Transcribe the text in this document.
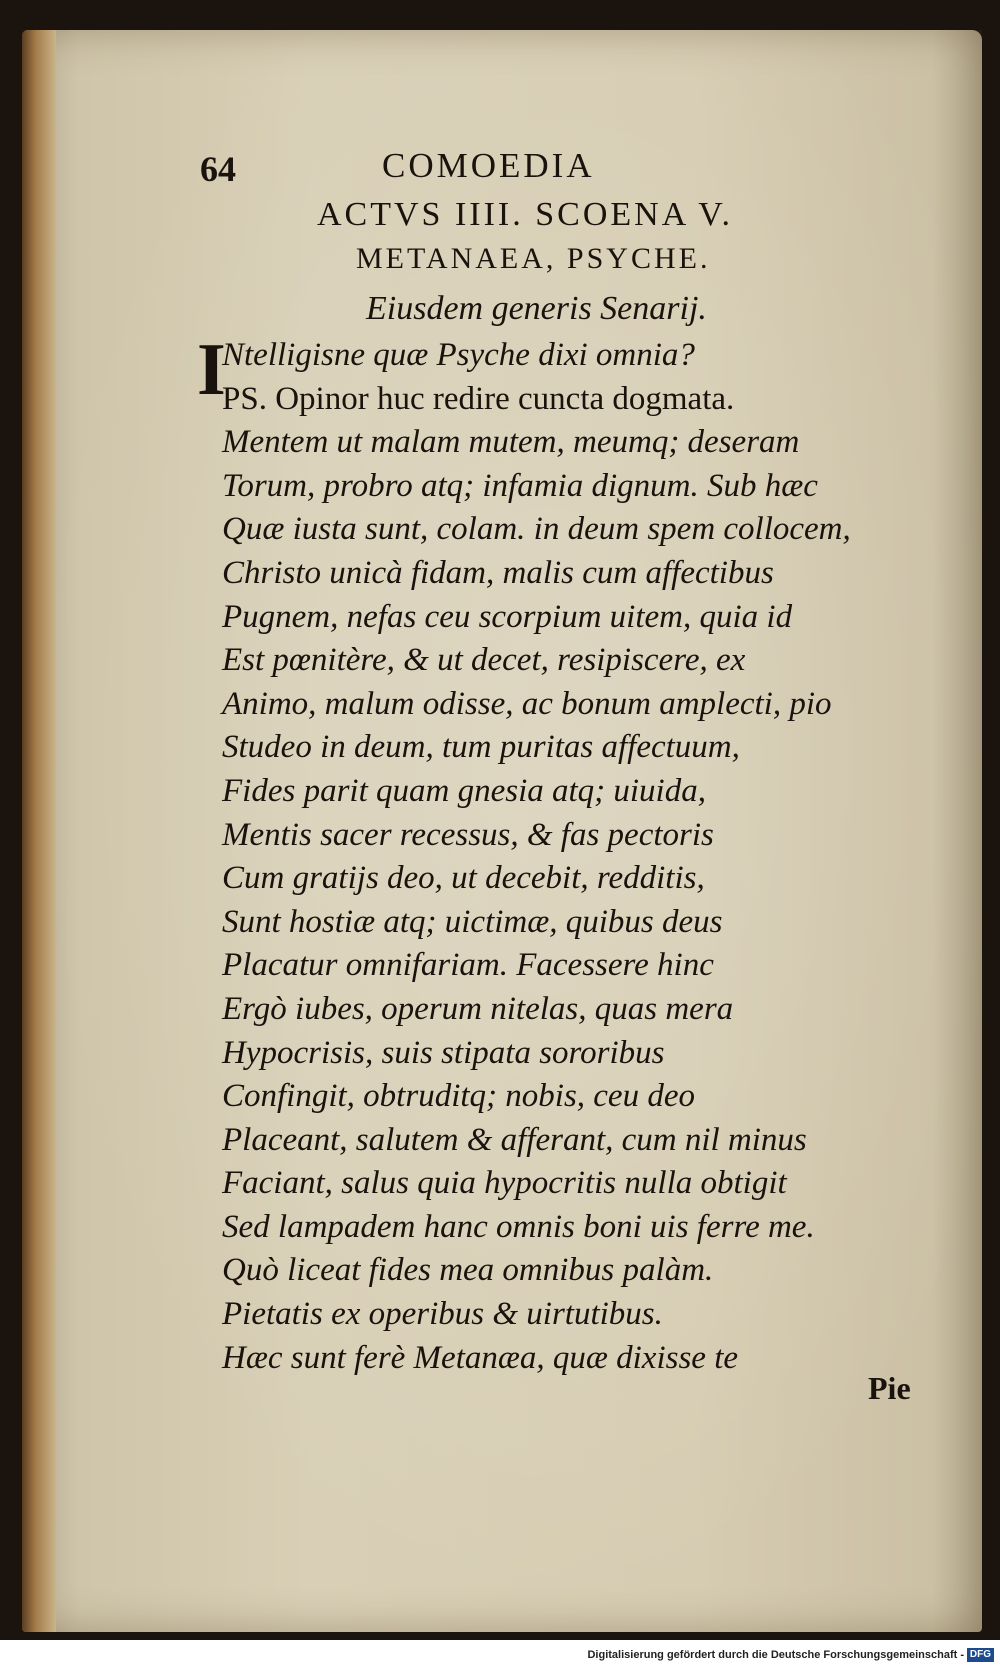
64	COMOEDIA
ACTVS IIII. SCOENA V.
METANAEA, PSYCHE.
Eiusdem generis Senarij.
I
Ntelligisne quæ Psyche dixi omnia?
PS. Opinor huc redire cuncta dogmata.
Mentem ut malam mutem, meumq; deseram
Torum, probro atq; infamia dignum. Sub hæc
Quæ iusta sunt, colam. in deum spem collocem,
Christo unicà fidam, malis cum affectibus
Pugnem, nefas ceu scorpium uitem, quia id
Est pœnitère, & ut decet, resipiscere, ex
Animo, malum odisse, ac bonum amplecti, pio
Studeo in deum, tum puritas affectuum,
Fides parit quam gnesia atq; uiuida,
Mentis sacer recessus, & fas pectoris
Cum gratijs deo, ut decebit, redditis,
Sunt hostiæ atq; uictimæ, quibus deus
Placatur omnifariam. Facessere hinc
Ergò iubes, operum nitelas, quas mera
Hypocrisis, suis stipata sororibus
Confingit, obtruditq; nobis, ceu deo
Placeant, salutem & afferant, cum nil minus
Faciant, salus quia hypocritis nulla obtigit
Sed lampadem hanc omnis boni uis ferre me.
Quò liceat fides mea omnibus palàm.
Pietatis ex operibus & uirtutibus.
Hæc sunt ferè Metanæa, quæ dixisse te
Pie
Digitalisierung gefördert durch die Deutsche Forschungsgemeinschaft - DFG
